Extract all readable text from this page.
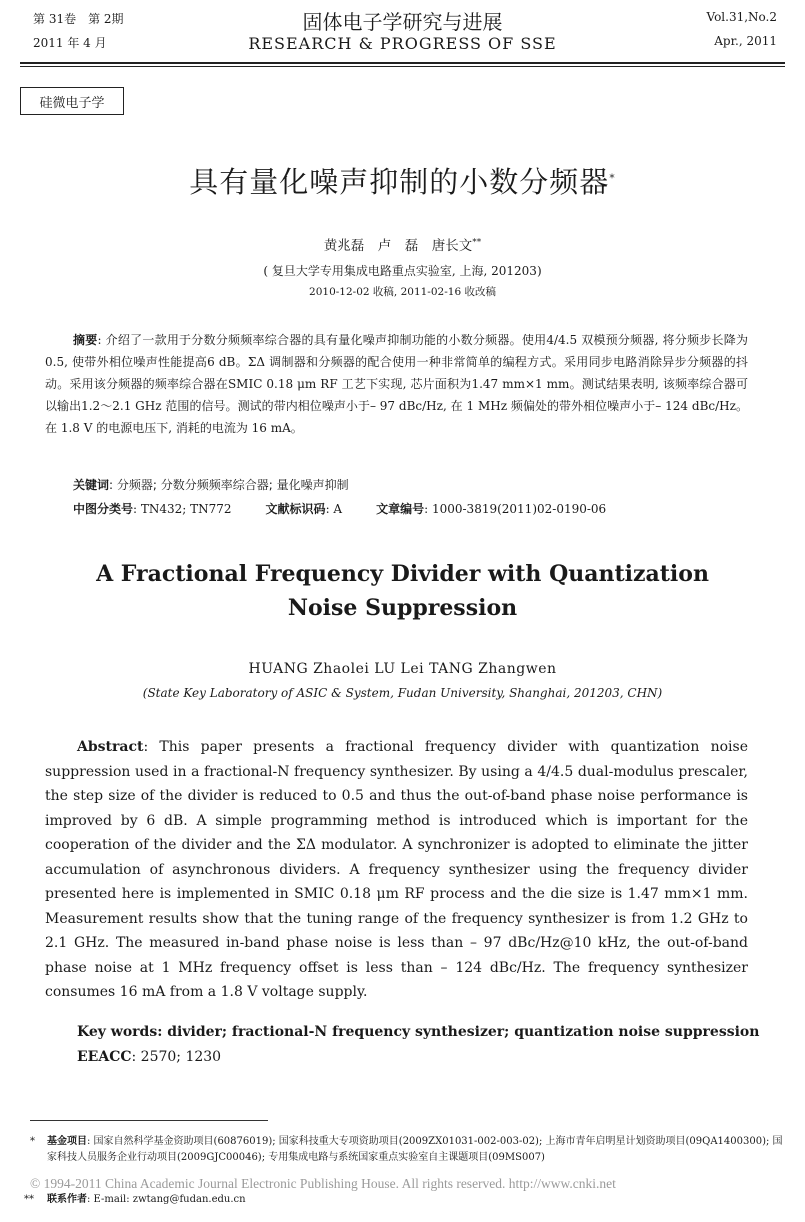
第 31卷　第 2期
2011 年 4 月
固体电子学研究与进展
RESEARCH & PROGRESS OF SSE
Vol.31,No.2
Apr., 2011
硅微电子学
具有量化噪声抑制的小数分频器*
黄兆磊　卢　磊　唐长文**
( 复旦大学专用集成电路重点实验室, 上海, 201203)
2010-12-02 收稿, 2011-02-16 收改稿
摘要: 介绍了一款用于分数分频频率综合器的具有量化噪声抑制功能的小数分频器。使用4/4.5 双模预分频器, 将分频步长降为 0.5, 使带外相位噪声性能提高6 dB。ΣΔ 调制器和分频器的配合使用一种非常简单的编程方式。采用同步电路消除异步分频器的抖动。采用该分频器的频率综合器在SMIC 0.18 μm RF 工艺下实现, 芯片面积为1.47 mm×1 mm。测试结果表明, 该频率综合器可以输出1.2～2.1 GHz 范围的信号。测试的带内相位噪声小于– 97 dBc/Hz, 在 1 MHz 频偏处的带外相位噪声小于– 124 dBc/Hz。在 1.8 V 的电源电压下, 消耗的电流为 16 mA。
关键词: 分频器; 分数分频频率综合器; 量化噪声抑制
中图分类号: TN432; TN772	文献标识码: A	文章编号: 1000-3819(2011)02-0190-06
A Fractional Frequency Divider with Quantization
Noise Suppression
HUANG Zhaolei LU Lei TANG Zhangwen
(State Key Laboratory of ASIC & System, Fudan University, Shanghai, 201203, CHN)
Abstract: This paper presents a fractional frequency divider with quantization noise suppression used in a fractional-N frequency synthesizer. By using a 4/4.5 dual-modulus prescaler, the step size of the divider is reduced to 0.5 and thus the out-of-band phase noise performance is improved by 6 dB. A simple programming method is introduced which is important for the cooperation of the divider and the ΣΔ modulator. A synchronizer is adopted to eliminate the jitter accumulation of asynchronous dividers. A frequency synthesizer using the frequency divider presented here is implemented in SMIC 0.18 μm RF process and the die size is 1.47 mm×1 mm. Measurement results show that the tuning range of the frequency synthesizer is from 1.2 GHz to 2.1 GHz. The measured in-band phase noise is less than – 97 dBc/Hz@10 kHz, the out-of-band phase noise at 1 MHz frequency offset is less than – 124 dBc/Hz. The frequency synthesizer consumes 16 mA from a 1.8 V voltage supply.
Key words: divider; fractional-N frequency synthesizer; quantization noise suppression
EEACC: 2570; 1230
* 基金项目: 国家自然科学基金资助项目(60876019); 国家科技重大专项资助项目(2009ZX01031-002-003-02); 上海市青年启明星计划资助项目(09QA1400300); 国家科技人员服务企业行动项目(2009GJC00046); 专用集成电路与系统国家重点实验室自主课题项目(09MS007)
** 联系作者: E-mail: zwtang@fudan.edu.cn
© 1994-2011 China Academic Journal Electronic Publishing House. All rights reserved. http://www.cnki.net
